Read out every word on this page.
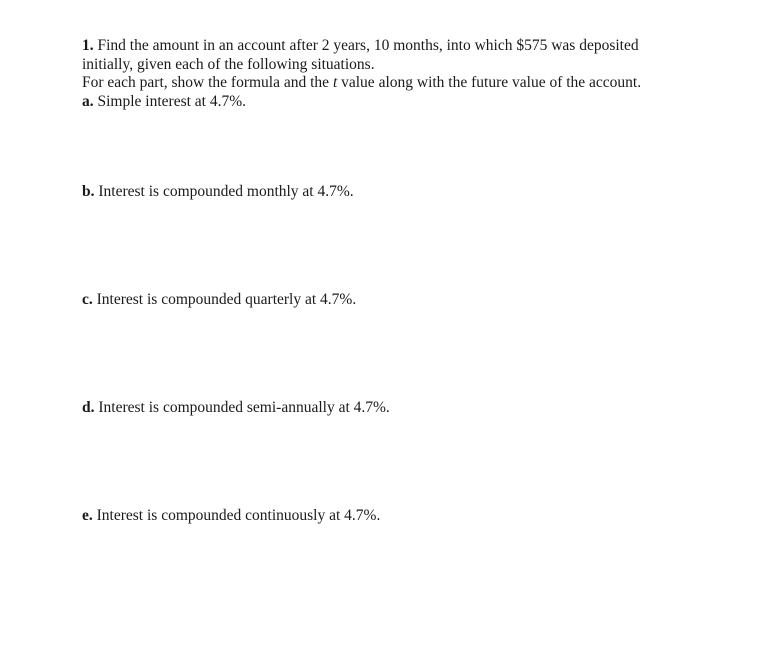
1. Find the amount in an account after 2 years, 10 months, into which $575 was deposited initially, given each of the following situations.

For each part, show the formula and the t value along with the future value of the account.

a. Simple interest at 4.7%.

b. Interest is compounded monthly at 4.7%.

c. Interest is compounded quarterly at 4.7%.

d. Interest is compounded semi-annually at 4.7%.

e. Interest is compounded continuously at 4.7%.
